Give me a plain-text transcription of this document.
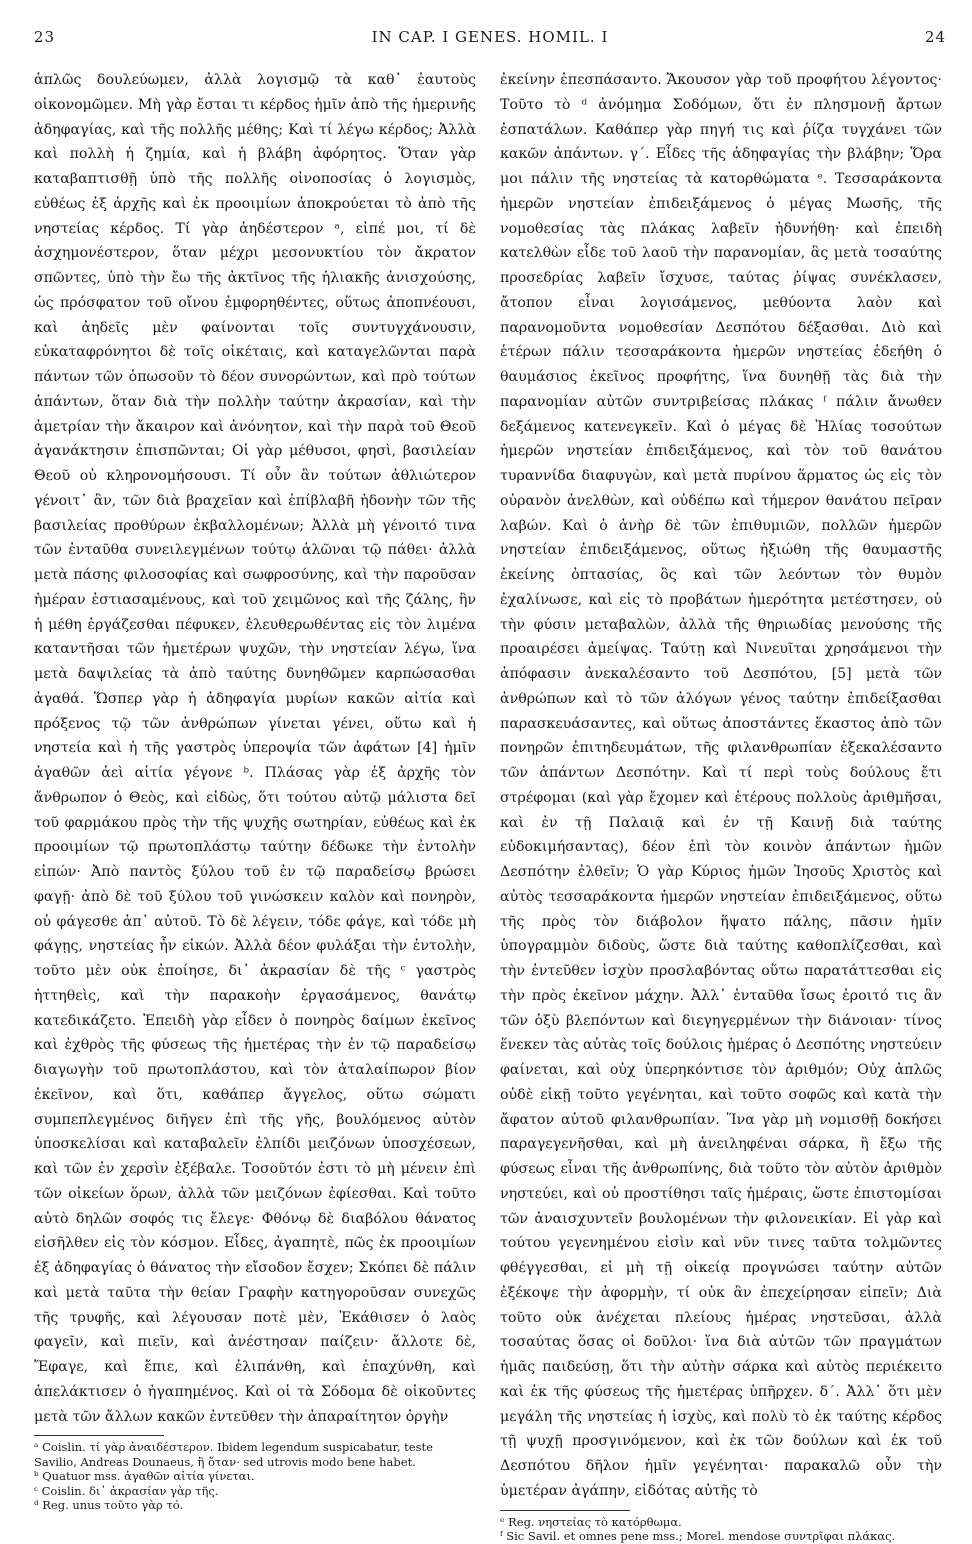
23	IN CAP. I GENES. HOMIL. I	24

ἁπλῶς δουλεύωμεν, ἀλλὰ λογισμῷ τὰ καθ᾽ ἑαυτοὺς οἰκονομῶμεν. Μὴ γὰρ ἔσται τι κέρδος ἡμῖν ἀπὸ τῆς ἡμερινῆς ἀδηφαγίας, καὶ τῆς πολλῆς μέθης; Καὶ τί λέγω κέρδος; Ἀλλὰ καὶ πολλὴ ἡ ζημία, καὶ ἡ βλάβη ἀφόρητος. Ὅταν γὰρ καταβαπτισθῇ ὑπὸ τῆς πολλῆς οἰνοποσίας ὁ λογισμὸς, εὐθέως ἐξ ἀρχῆς καὶ ἐκ προοιμίων ἀποκρούεται τὸ ἀπὸ τῆς νηστείας κέρδος. Τί γὰρ ἀηδέστερον ᵃ, εἰπέ μοι, τί δὲ ἀσχημονέστερον, ὅταν μέχρι μεσονυκτίου τὸν ἄκρατον σπῶντες, ὑπὸ τὴν ἔω τῆς ἀκτῖνος τῆς ἡλιακῆς ἀνισχούσης, ὡς πρόσφατον τοῦ οἴνου ἐμφορηθέντες, οὕτως ἀποπνέουσι, καὶ ἀηδεῖς μὲν φαίνονται τοῖς συντυγχάνουσιν, εὐκαταφρόνητοι δὲ τοῖς οἰκέταις, καὶ καταγελῶνται παρὰ πάντων τῶν ὁπωσοῦν τὸ δέον συνορώντων, καὶ πρὸ τούτων ἁπάντων, ὅταν διὰ τὴν πολλὴν ταύτην ἀκρασίαν, καὶ τὴν ἀμετρίαν τὴν ἄκαιρον καὶ ἀνόνητον, καὶ τὴν παρὰ τοῦ Θεοῦ ἀγανάκτησιν ἐπισπῶνται; Οἱ γὰρ μέθυσοι, φησὶ, βασιλείαν Θεοῦ οὐ κληρονομήσουσι. Τί οὖν ἂν τούτων ἀθλιώτερον γένοιτ᾽ ἂν, τῶν διὰ βραχεῖαν καὶ ἐπίβλαβῆ ἡδονὴν τῶν τῆς βασιλείας προθύρων ἐκβαλλομένων; Ἀλλὰ μὴ γένοιτό τινα τῶν ἐνταῦθα συνειλεγμένων τούτῳ ἁλῶναι τῷ πάθει· ἀλλὰ μετὰ πάσης φιλοσοφίας καὶ σωφροσύνης, καὶ τὴν παροῦσαν ἡμέραν ἑστιασαμένους, καὶ τοῦ χειμῶνος καὶ τῆς ζάλης, ἣν ἡ μέθη ἐργάζεσθαι πέφυκεν, ἐλευθερωθέντας εἰς τὸν λιμένα καταντῆσαι τῶν ἡμετέρων ψυχῶν, τὴν νηστείαν λέγω, ἵνα μετὰ δαψιλείας τὰ ἀπὸ ταύτης δυνηθῶμεν καρπώσασθαι ἀγαθά. Ὥσπερ γὰρ ἡ ἀδηφαγία μυρίων κακῶν αἰτία καὶ πρόξενος τῷ τῶν ἀνθρώπων γίνεται γένει, οὕτω καὶ ἡ νηστεία καὶ ἡ τῆς γαστρὸς ὑπεροψία τῶν ἀφάτων [4] ἡμῖν ἀγαθῶν ἀεὶ αἰτία γέγονε ᵇ. Πλάσας γὰρ ἐξ ἀρχῆς τὸν ἄνθρωπον ὁ Θεὸς, καὶ εἰδὼς, ὅτι τούτου αὐτῷ μάλιστα δεῖ τοῦ φαρμάκου πρὸς τὴν τῆς ψυχῆς σωτηρίαν, εὐθέως καὶ ἐκ προοιμίων τῷ πρωτοπλάστῳ ταύτην δέδωκε τὴν ἐντολὴν εἰπών· Ἀπὸ παντὸς ξύλου τοῦ ἐν τῷ παραδείσῳ βρώσει φαγῇ· ἀπὸ δὲ τοῦ ξύλου τοῦ γινώσκειν καλὸν καὶ πονηρὸν, οὐ φάγεσθε ἀπ᾽ αὐτοῦ. Τὸ δὲ λέγειν, τόδε φάγε, καὶ τόδε μὴ φάγῃς, νηστείας ἦν εἰκών. Ἀλλὰ δέον φυλάξαι τὴν ἐντολὴν, τοῦτο μὲν οὐκ ἐποίησε, δι᾽ ἀκρασίαν δὲ τῆς ᶜ γαστρὸς ἡττηθεὶς, καὶ τὴν παρακοὴν ἐργασάμενος, θανάτῳ κατεδικάζετο. Ἐπειδὴ γὰρ εἶδεν ὁ πονηρὸς δαίμων ἐκεῖνος καὶ ἐχθρὸς τῆς φύσεως τῆς ἡμετέρας τὴν ἐν τῷ παραδείσῳ διαγωγὴν τοῦ πρωτοπλάστου, καὶ τὸν ἀταλαίπωρον βίον ἐκεῖνον, καὶ ὅτι, καθάπερ ἄγγελος, οὕτω σώματι συμπεπλεγμένος διῆγεν ἐπὶ τῆς γῆς, βουλόμενος αὐτὸν ὑποσκελίσαι καὶ καταβαλεῖν ἐλπίδι μειζόνων ὑποσχέσεων, καὶ τῶν ἐν χερσὶν ἐξέβαλε. Τοσοῦτόν ἐστι τὸ μὴ μένειν ἐπὶ τῶν οἰκείων ὅρων, ἀλλὰ τῶν μειζόνων ἐφίεσθαι. Καὶ τοῦτο αὐτὸ δηλῶν σοφός τις ἔλεγε· Φθόνῳ δὲ διαβόλου θάνατος εἰσῆλθεν εἰς τὸν κόσμον. Εἶδες, ἀγαπητὲ, πῶς ἐκ προοιμίων ἐξ ἀδηφαγίας ὁ θάνατος τὴν εἴσοδον ἔσχεν; Σκόπει δὲ πάλιν καὶ μετὰ ταῦτα τὴν θείαν Γραφὴν κατηγοροῦσαν συνεχῶς τῆς τρυφῆς, καὶ λέγουσαν ποτὲ μὲν, Ἐκάθισεν ὁ λαὸς φαγεῖν, καὶ πιεῖν, καὶ ἀνέστησαν παίζειν· ἄλλοτε δὲ, Ἔφαγε, καὶ ἔπιε, καὶ ἐλιπάνθη, καὶ ἐπαχύνθη, καὶ ἀπελάκτισεν ὁ ἠγαπημένος. Καὶ οἱ τὰ Σόδομα δὲ οἰκοῦντες μετὰ τῶν ἄλλων κακῶν ἐντεῦθεν τὴν ἀπαραίτητον ὀργὴν

ᵃ Coislin. τί γὰρ ἀναιδέστερον. Ibidem legendum suspicabatur, teste Savilio, Andreas Dounaeus, ἢ ὅταν· sed utrovis modo bene habet.

ᵇ Quatuor mss. ἀγαθῶν αἰτία γίνεται.

ᶜ Coislin. δι᾽ ἀκρασίαν γὰρ τῆς.

ᵈ Reg. unus τοῦτο γὰρ τό.

ἐκείνην ἐπεσπάσαντο. Ἄκουσον γὰρ τοῦ προφήτου λέγοντος· Τοῦτο τὸ ᵈ ἀνόμημα Σοδόμων, ὅτι ἐν πλησμονῇ ἄρτων ἐσπατάλων. Καθάπερ γὰρ πηγή τις καὶ ῥίζα τυγχάνει τῶν κακῶν ἁπάντων. γ΄. Εἶδες τῆς ἀδηφαγίας τὴν βλάβην; Ὅρα μοι πάλιν τῆς νηστείας τὰ κατορθώματα ᵉ. Τεσσαράκοντα ἡμερῶν νηστείαν ἐπιδειξάμενος ὁ μέγας Μωσῆς, τῆς νομοθεσίας τὰς πλάκας λαβεῖν ἠδυνήθη· καὶ ἐπειδὴ κατελθὼν εἶδε τοῦ λαοῦ τὴν παρανομίαν, ἃς μετὰ τοσαύτης προσεδρίας λαβεῖν ἴσχυσε, ταύτας ῥίψας συνέκλασεν, ἄτοπον εἶναι λογισάμενος, μεθύοντα λαὸν καὶ παρανομοῦντα νομοθεσίαν Δεσπότου δέξασθαι. Διὸ καὶ ἑτέρων πάλιν τεσσαράκοντα ἡμερῶν νηστείας ἐδεήθη ὁ θαυμάσιος ἐκεῖνος προφήτης, ἵνα δυνηθῇ τὰς διὰ τὴν παρανομίαν αὐτῶν συντριβείσας πλάκας ᶠ πάλιν ἄνωθεν δεξάμενος κατενεγκεῖν. Καὶ ὁ μέγας δὲ Ἠλίας τοσούτων ἡμερῶν νηστείαν ἐπιδειξάμενος, καὶ τὸν τοῦ θανάτου τυραννίδα διαφυγὼν, καὶ μετὰ πυρίνου ἅρματος ὡς εἰς τὸν οὐρανὸν ἀνελθὼν, καὶ οὐδέπω καὶ τήμερον θανάτου πεῖραν λαβών. Καὶ ὁ ἀνὴρ δὲ τῶν ἐπιθυμιῶν, πολλῶν ἡμερῶν νηστείαν ἐπιδειξάμενος, οὕτως ἠξιώθη τῆς θαυμαστῆς ἐκείνης ὀπτασίας, ὃς καὶ τῶν λεόντων τὸν θυμὸν ἐχαλίνωσε, καὶ εἰς τὸ προβάτων ἡμερότητα μετέστησεν, οὐ τὴν φύσιν μεταβαλὼν, ἀλλὰ τῆς θηριωδίας μενούσης τῆς προαιρέσει ἀμείψας. Ταύτῃ καὶ Νινευῖται χρησάμενοι τὴν ἀπόφασιν ἀνεκαλέσαντο τοῦ Δεσπότου, [5] μετὰ τῶν ἀνθρώπων καὶ τὸ τῶν ἀλόγων γένος ταύτην ἐπιδείξασθαι παρασκευάσαντες, καὶ οὕτως ἀποστάντες ἕκαστος ἀπὸ τῶν πονηρῶν ἐπιτηδευμάτων, τῆς φιλανθρωπίαν ἐξεκαλέσαντο τῶν ἁπάντων Δεσπότην. Καὶ τί περὶ τοὺς δούλους ἔτι στρέφομαι (καὶ γὰρ ἔχομεν καὶ ἑτέρους πολλοὺς ἀριθμῆσαι, καὶ ἐν τῇ Παλαιᾷ καὶ ἐν τῇ Καινῇ διὰ ταύτης εὐδοκιμήσαντας), δέον ἐπὶ τὸν κοινὸν ἁπάντων ἡμῶν Δεσπότην ἐλθεῖν; Ὁ γὰρ Κύριος ἡμῶν Ἰησοῦς Χριστὸς καὶ αὐτὸς τεσσαράκοντα ἡμερῶν νηστείαν ἐπιδειξάμενος, οὕτω τῆς πρὸς τὸν διάβολον ἥψατο πάλης, πᾶσιν ἡμῖν ὑπογραμμὸν διδοὺς, ὥστε διὰ ταύτης καθοπλίζεσθαι, καὶ τὴν ἐντεῦθεν ἰσχὺν προσλαβόντας οὕτω παρατάττεσθαι εἰς τὴν πρὸς ἐκεῖνον μάχην. Ἀλλ᾽ ἐνταῦθα ἴσως ἐροιτό τις ἂν τῶν ὀξὺ βλεπόντων καὶ διεγηγερμένων τὴν διάνοιαν· τίνος ἕνεκεν τὰς αὐτὰς τοῖς δούλοις ἡμέρας ὁ Δεσπότης νηστεύειν φαίνεται, καὶ οὐχ ὑπερηκόντισε τὸν ἀριθμόν; Οὐχ ἁπλῶς οὐδὲ εἰκῇ τοῦτο γεγένηται, καὶ τοῦτο σοφῶς καὶ κατὰ τὴν ἄφατον αὐτοῦ φιλανθρωπίαν. Ἵνα γὰρ μὴ νομισθῇ δοκήσει παραγεγενῆσθαι, καὶ μὴ ἀνειληφέναι σάρκα, ἢ ἔξω τῆς φύσεως εἶναι τῆς ἀνθρωπίνης, διὰ τοῦτο τὸν αὐτὸν ἀριθμὸν νηστεύει, καὶ οὐ προστίθησι ταῖς ἡμέραις, ὥστε ἐπιστομίσαι τῶν ἀναισχυντεῖν βουλομένων τὴν φιλονεικίαν. Εἰ γὰρ καὶ τούτου γεγενημένου εἰσὶν καὶ νῦν τινες ταῦτα τολμῶντες φθέγγεσθαι, εἰ μὴ τῇ οἰκείᾳ προγνώσει ταύτην αὐτῶν ἐξέκοψε τὴν ἀφορμὴν, τί οὐκ ἂν ἐπεχείρησαν εἰπεῖν; Διὰ τοῦτο οὐκ ἀνέχεται πλείους ἡμέρας νηστεῦσαι, ἀλλὰ τοσαύτας ὅσας οἱ δοῦλοι· ἵνα διὰ αὐτῶν τῶν πραγμάτων ἡμᾶς παιδεύσῃ, ὅτι τὴν αὐτὴν σάρκα καὶ αὐτὸς περιέκειτο καὶ ἐκ τῆς φύσεως τῆς ἡμετέρας ὑπῆρχεν. δ΄. Ἀλλ᾽ ὅτι μὲν μεγάλη τῆς νηστείας ἡ ἰσχὺς, καὶ πολὺ τὸ ἐκ ταύτης κέρδος τῇ ψυχῇ προσγινόμενον, καὶ ἐκ τῶν δούλων καὶ ἐκ τοῦ Δεσπότου δῆλον ἡμῖν γεγένηται· παρακαλῶ οὖν τὴν ὑμετέραν ἀγάπην, εἰδότας αὐτῆς τὸ

ᵉ Reg. νηστείας τὸ κατόρθωμα.

ᶠ Sic Savil. et omnes pene mss.; Morel. mendose συντρῖφαι πλάκας.
